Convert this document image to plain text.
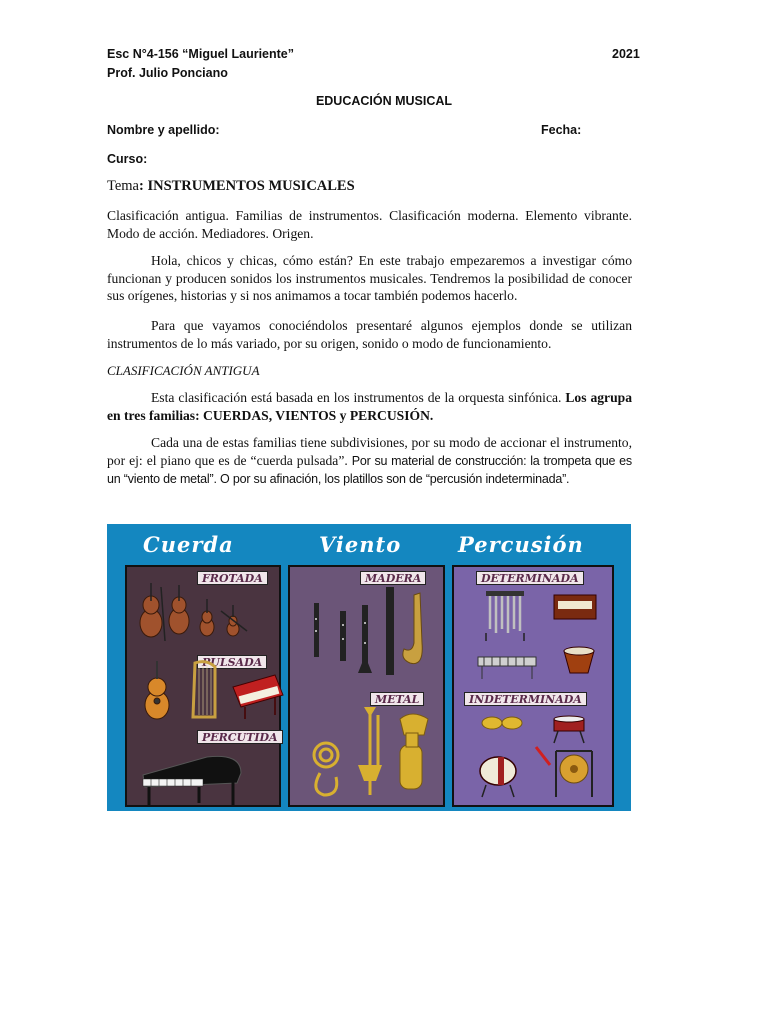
Esc N°4-156 “Miguel Lauriente”	2021
Prof. Julio Ponciano
EDUCACIÓN MUSICAL
Nombre y apellido:	Fecha:
Curso:
Tema: INSTRUMENTOS MUSICALES
Clasificación antigua. Familias de instrumentos. Clasificación moderna. Elemento vibrante. Modo de acción. Mediadores. Origen.
Hola, chicos y chicas, cómo están? En este trabajo empezaremos a investigar cómo funcionan y producen sonidos los instrumentos musicales. Tendremos la posibilidad de conocer sus orígenes, historias y si nos animamos a tocar también podemos hacerlo.
Para que vayamos conociéndolos presentaré algunos ejemplos donde se utilizan instrumentos de lo más variado, por su origen, sonido o modo de funcionamiento.
CLASIFICACIÓN ANTIGUA
Esta clasificación está basada en los instrumentos de la orquesta sinfónica. Los agrupa en tres familias: CUERDAS, VIENTOS y PERCUSIÓN.
Cada una de estas familias tiene subdivisiones, por su modo de accionar el instrumento, por ej: el piano que es de “cuerda pulsada”. Por su material de construcción: la trompeta que es un “viento de metal”. O por su afinación, los platillos son de “percusión indeterminada”.
Cuerda	Viento	Percusión
FROTADA
PULSADA
PERCUTIDA
MADERA
METAL
DETERMINADA
INDETERMINADA
